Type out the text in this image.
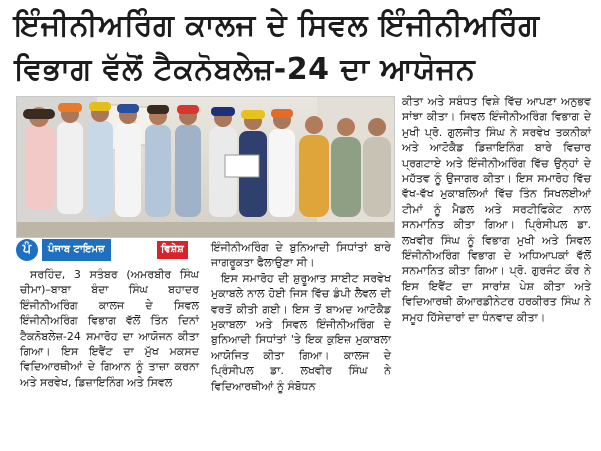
ਇੰਜੀਨੀਅਰਿੰਗ ਕਾਲਜ ਦੇ ਸਿਵਲ ਇੰਜੀਨੀਅਰਿੰਗ
ਵਿਭਾਗ ਵੱਲੋਂ ਟੈਕਨੋਬਲੇਜ਼-24 ਦਾ ਆਯੋਜਨ
ਪੰ	ਪੰਜਾਬ ਟਾਇਮਜ਼	ਵਿਸ਼ੇਸ਼

ਸਰਹਿੰਦ, 3 ਸਤੰਬਰ (ਅਮਰਬੀਰ ਸਿੰਘ ਚੀਮਾ)–ਬਾਬਾ ਬੰਦਾ ਸਿੰਘ ਬਹਾਦਰ ਇੰਜੀਨੀਅਰਿੰਗ ਕਾਲਜ ਦੇ ਸਿਵਲ ਇੰਜੀਨੀਅਰਿੰਗ ਵਿਭਾਗ ਵੱਲੋਂ ਤਿੰਨ ਦਿਨਾਂ ਟੈਕਨੋਬਲੇਜ਼-24 ਸਮਾਰੋਹ ਦਾ ਆਯੋਜਨ ਕੀਤਾ ਗਿਆ। ਇਸ ਇਵੈਂਟ ਦਾ ਮੁੱਖ ਮਕਸਦ ਵਿਦਿਆਰਥੀਆਂ ਦੇ ਗਿਆਨ ਨੂੰ ਤਾਜ਼ਾ ਕਰਨਾ ਅਤੇ ਸਰਵੇਖ, ਡਿਜ਼ਾਇਨਿੰਗ ਅਤੇ ਸਿਵਲ

ਇੰਜੀਨੀਅਰਿੰਗ ਦੇ ਬੁਨਿਆਦੀ ਸਿਧਾਂਤਾਂ ਬਾਰੇ ਜਾਗਰੂਕਤਾ ਫੈਲਾਉਣਾ ਸੀ।

ਇਸ ਸਮਾਰੋਹ ਦੀ ਸ਼ੁਰੂਆਤ ਸਾਈਟ ਸਰਵੇਖ ਮੁਕਾਬਲੇ ਨਾਲ ਹੋਈ ਜਿਸ ਵਿੱਚ ਡੰਪੀ ਲੈਵਲ ਦੀ ਵਰਤੋਂ ਕੀਤੀ ਗਈ। ਇਸ ਤੋਂ ਬਾਅਦ ਆਟੋਕੈਡ ਮੁਕਾਬਲਾ ਅਤੇ ਸਿਵਲ ਇੰਜੀਨੀਅਰਿੰਗ ਦੇ ਬੁਨਿਆਦੀ ਸਿਧਾਂਤਾਂ 'ਤੇ ਇਕ ਕੁਇਜ਼ ਮੁਕਾਬਲਾ ਆਯੋਜਿਤ ਕੀਤਾ ਗਿਆ। ਕਾਲਜ ਦੇ ਪ੍ਰਿੰਸੀਪਲ ਡਾ. ਲਖਵੀਰ ਸਿੰਘ ਨੇ ਵਿਦਿਆਰਥੀਆਂ ਨੂੰ ਸੰਬੋਧਨ

ਕੀਤਾ ਅਤੇ ਸਬੰਧਤ ਵਿਸ਼ੇ ਵਿੱਚ ਆਪਣਾ ਅਨੁਭਵ ਸਾਂਝਾ ਕੀਤਾ। ਸਿਵਲ ਇੰਜੀਨੀਅਰਿੰਗ ਵਿਭਾਗ ਦੇ ਮੁਖੀ ਪ੍ਰੋ. ਗੁਲਜੀਤ ਸਿੰਘ ਨੇ ਸਰਵੇਖ ਤਕਨੀਕਾਂ ਅਤੇ ਆਟੋਕੈਡ ਡਿਜ਼ਾਇਨਿੰਗ ਬਾਰੇ ਵਿਚਾਰ ਪ੍ਰਗਟਾਏ ਅਤੇ ਇੰਜੀਨੀਅਰਿੰਗ ਵਿੱਚ ਉਨ੍ਹਾਂ ਦੇ ਮਹੱਤਵ ਨੂੰ ਉਜਾਗਰ ਕੀਤਾ। ਇਸ ਸਮਾਰੋਹ ਵਿੱਚ ਵੱਖ-ਵੱਖ ਮੁਕਾਬਲਿਆਂ ਵਿੱਚ ਤਿੰਨ ਸਿਖਲਈਆਂ ਟੀਮਾਂ ਨੂੰ ਮੈਡਲ ਅਤੇ ਸਰਟੀਫਿਕੇਟ ਨਾਲ ਸਨਮਾਨਿਤ ਕੀਤਾ ਗਿਆ। ਪ੍ਰਿੰਸੀਪਲ ਡਾ. ਲਖਵੀਰ ਸਿੰਘ ਨੂੰ ਵਿਭਾਗ ਮੁਖੀ ਅਤੇ ਸਿਵਲ ਇੰਜੀਨੀਅਰਿੰਗ ਵਿਭਾਗ ਦੇ ਅਧਿਆਪਕਾਂ ਵੱਲੋਂ ਸਨਮਾਨਿਤ ਕੀਤਾ ਗਿਆ। ਪ੍ਰੋ. ਗੁਰਜੰਟ ਕੌਰ ਨੇ ਇਸ ਇਵੈਂਟ ਦਾ ਸਾਰਾਂਸ਼ ਪੇਸ਼ ਕੀਤਾ ਅਤੇ ਵਿਦਿਆਰਥੀ ਕੋਆਰਡੀਨੇਟਰ ਹਰਕੀਰਤ ਸਿੰਘ ਨੇ ਸਮੂਹ ਹਿੱਸੇਦਾਰਾਂ ਦਾ ਧੰਨਵਾਦ ਕੀਤਾ।
